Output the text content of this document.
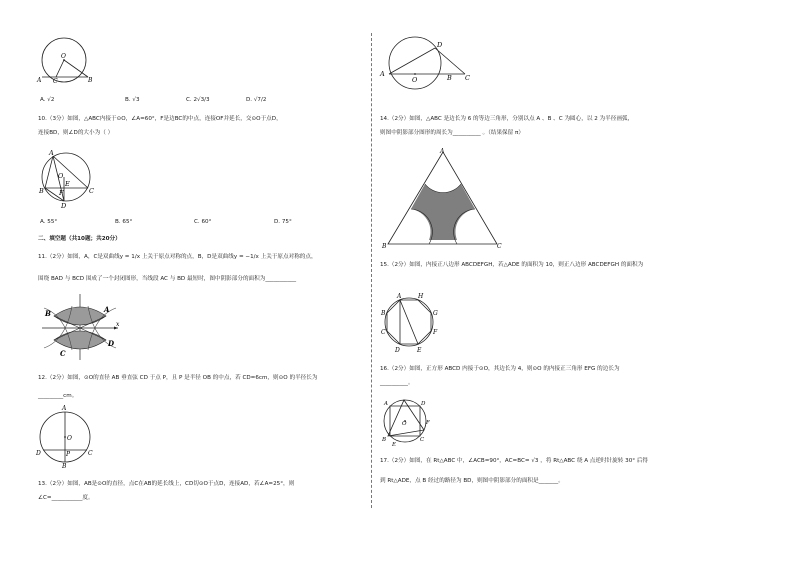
O
A C	B
A. √2	B. √3	C. 2√3/3	D. √7/2
10.（3分）如图，△ABC内接于⊙O，∠A=60°，F是边BC的中点，连接OF并延长，交⊙O于点D，
连接BD，则∠D的大小为（ ）
A
O
E
B F	C
D
A. 55°	B. 65°	C. 60°	D. 75°
二、填空题（共10题；共20分）
11.（2分）如图，A，C是双曲线y = 1/x 上关于原点对称的点，B，D是双曲线y = −1/x 上关于原点对称的点，
围绕 BAD 与 BCD 围成了一个封闭图形，当线段 AC 与 BD 最短时，图中阴影部分的面积为___________
B	A
x
D
C
12.（2分）如图，⊙O的直径 AB 垂直弦 CD 于点 P，且 P 是半径 OB 的中点，若 CD=6cm，则⊙O 的半径长为
_________cm。
A
O
D	P	C
B
13.（2分）如图，AB是⊙O的直径，点C在AB的延长线上，CD切⊙O于点D，连接AD，若∠A=25°，则
∠C=___________度。
D
A
O	B C
14.（2分）如图，△ABC 是边长为 6 的等边三角形，分别以点 A 、B 、C 为圆心，以 2 为半径画弧，
则图中阴影部分图形的周长为__________ 。（结果保留 π）
A
B	C
15.（2分）如图，内接正八边形 ABCDEFGH，若△ADE 的面积为 10，则正八边形 ABCDEFGH 的面积为
A	H
B	G
C	F
D	E
16.（2分）如图，正方形 ABCD 内接于⊙O，其边长为 4，则⊙O 的内接正三角形 EFG 的边长为
__________。
A	D
O
B	C
E
F
17.（2分）如图，在 Rt△ABC 中，∠ACB=90°，AC=BC= √3 ，将 Rt△ABC 绕 A 点逆时针旋转 30° 后得
到 Rt△ADE，点 B 经过的路径为 BD，则图中阴影部分的面积是_______。
